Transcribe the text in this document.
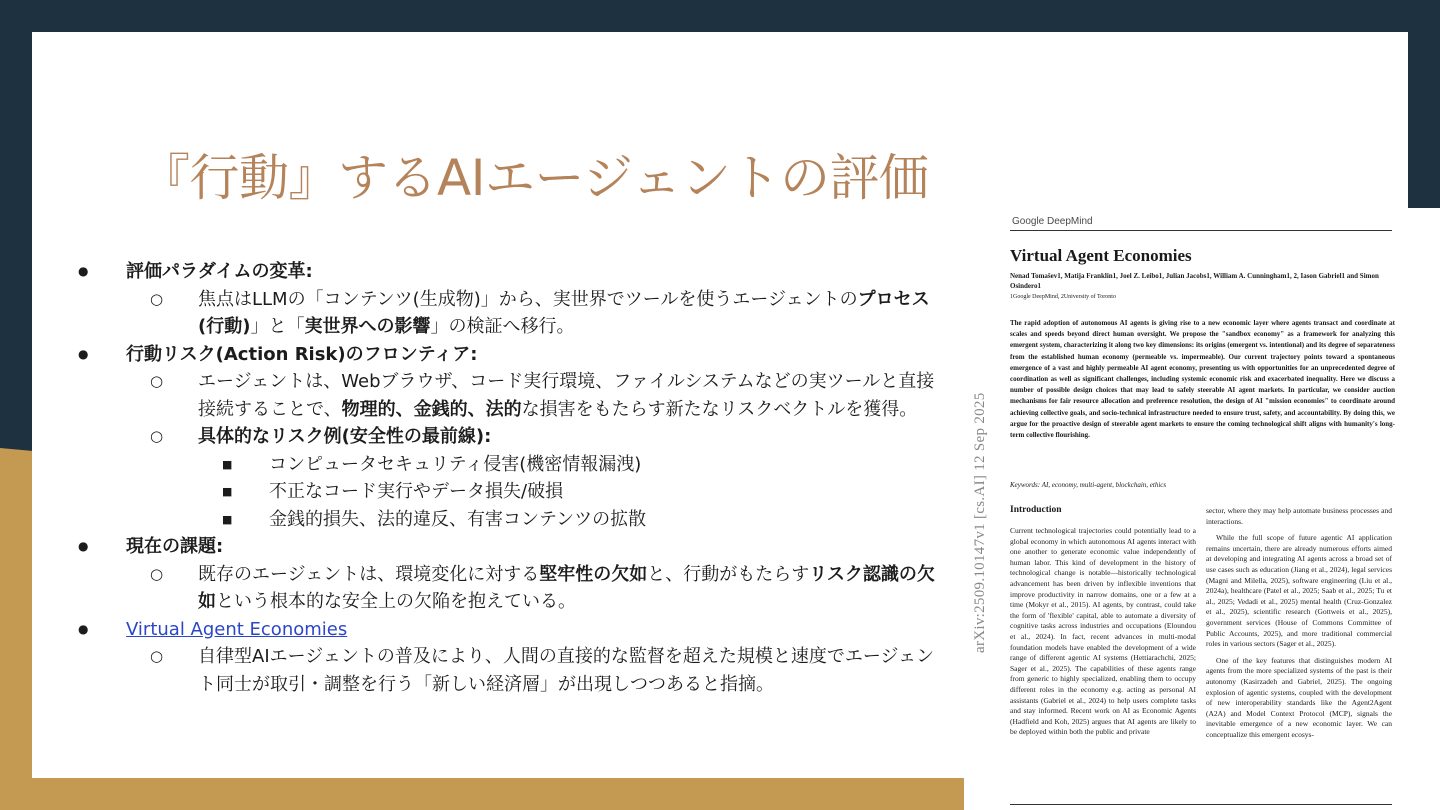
『行動』するAIエージェントの評価
● 評価パラダイムの変革:
○ 焦点はLLMの「コンテンツ(生成物)」から、実世界でツールを使うエージェントのプロセス(行動)」と「実世界への影響」の検証へ移行。
● 行動リスク(Action Risk)のフロンティア:
○ エージェントは、Webブラウザ、コード実行環境、ファイルシステムなどの実ツールと直接接続することで、物理的、金銭的、法的な損害をもたらす新たなリスクベクトルを獲得。
○ 具体的なリスク例(安全性の最前線):
■ コンピュータセキュリティ侵害(機密情報漏洩)
■ 不正なコード実行やデータ損失/破損
■ 金銭的損失、法的違反、有害コンテンツの拡散
● 現在の課題:
○ 既存のエージェントは、環境変化に対する堅牢性の欠如と、行動がもたらすリスク認識の欠如という根本的な安全上の欠陥を抱えている。
● Virtual Agent Economies
○ 自律型AIエージェントの普及により、人間の直接的な監督を超えた規模と速度でエージェント同士が取引・調整を行う「新しい経済層」が出現しつつあると指摘。
arXiv:2509.10147v1 [cs.AI] 12 Sep 2025
Google DeepMind
Virtual Agent Economies
Nenad Tomašev1, Matija Franklin1, Joel Z. Leibo1, Julian Jacobs1, William A. Cunningham1, 2, Iason Gabriel1 and Simon Osindero1
1Google DeepMind, 2University of Toronto
The rapid adoption of autonomous AI agents is giving rise to a new economic layer where agents transact and coordinate at scales and speeds beyond direct human oversight. We propose the "sandbox economy" as a framework for analyzing this emergent system, characterizing it along two key dimensions: its origins (emergent vs. intentional) and its degree of separateness from the established human economy (permeable vs. impermeable). Our current trajectory points toward a spontaneous emergence of a vast and highly permeable AI agent economy, presenting us with opportunities for an unprecedented degree of coordination as well as significant challenges, including systemic economic risk and exacerbated inequality. Here we discuss a number of possible design choices that may lead to safely steerable AI agent markets. In particular, we consider auction mechanisms for fair resource allocation and preference resolution, the design of AI "mission economies" to coordinate around achieving collective goals, and socio-technical infrastructure needed to ensure trust, safety, and accountability. By doing this, we argue for the proactive design of steerable agent markets to ensure the coming technological shift aligns with humanity's long-term collective flourishing.
Keywords: AI, economy, multi-agent, blockchain, ethics
Introduction
Current technological trajectories could potentially lead to a global economy in which autonomous AI agents interact with one another to generate economic value independently of human labor. This kind of development in the history of technological change is notable—historically technological advancement has been driven by inflexible inventions that improve productivity in narrow domains, one or a few at a time (Mokyr et al., 2015). AI agents, by contrast, could take the form of 'flexible' capital, able to automate a diversity of cognitive tasks across industries and occupations (Eloundou et al., 2024). In fact, recent advances in multi-modal foundation models have enabled the development of a wide range of different agentic AI systems (Hettiarachchi, 2025; Sager et al., 2025). The capabilities of these agents range from generic to highly specialized, enabling them to occupy different roles in the economy e.g. acting as personal AI assistants (Gabriel et al., 2024) to help users complete tasks and stay informed. Recent work on AI as Economic Agents (Hadfield and Koh, 2025) argues that AI agents are likely to be deployed within both the public and private
sector, where they may help automate business processes and interactions.
While the full scope of future agentic AI application remains uncertain, there are already numerous efforts aimed at developing and integrating AI agents across a broad set of use cases such as education (Jiang et al., 2024), legal services (Magni and Milella, 2025), software engineering (Liu et al., 2024a), healthcare (Patel et al., 2025; Saab et al., 2025; Tu et al., 2025; Vedadi et al., 2025) mental health (Cruz-Gonzalez et al., 2025), scientific research (Gottweis et al., 2025), government services (House of Commons Committee of Public Accounts, 2025), and more traditional commercial roles in various sectors (Sager et al., 2025).
One of the key features that distinguishes modern AI agents from the more specialized systems of the past is their autonomy (Kasirzadeh and Gabriel, 2025). The ongoing explosion of agentic systems, coupled with the development of new interoperability standards like the Agent2Agent (A2A) and Model Context Protocol (MCP), signals the inevitable emergence of a new economic layer. We can conceptualize this emergent ecosys-
